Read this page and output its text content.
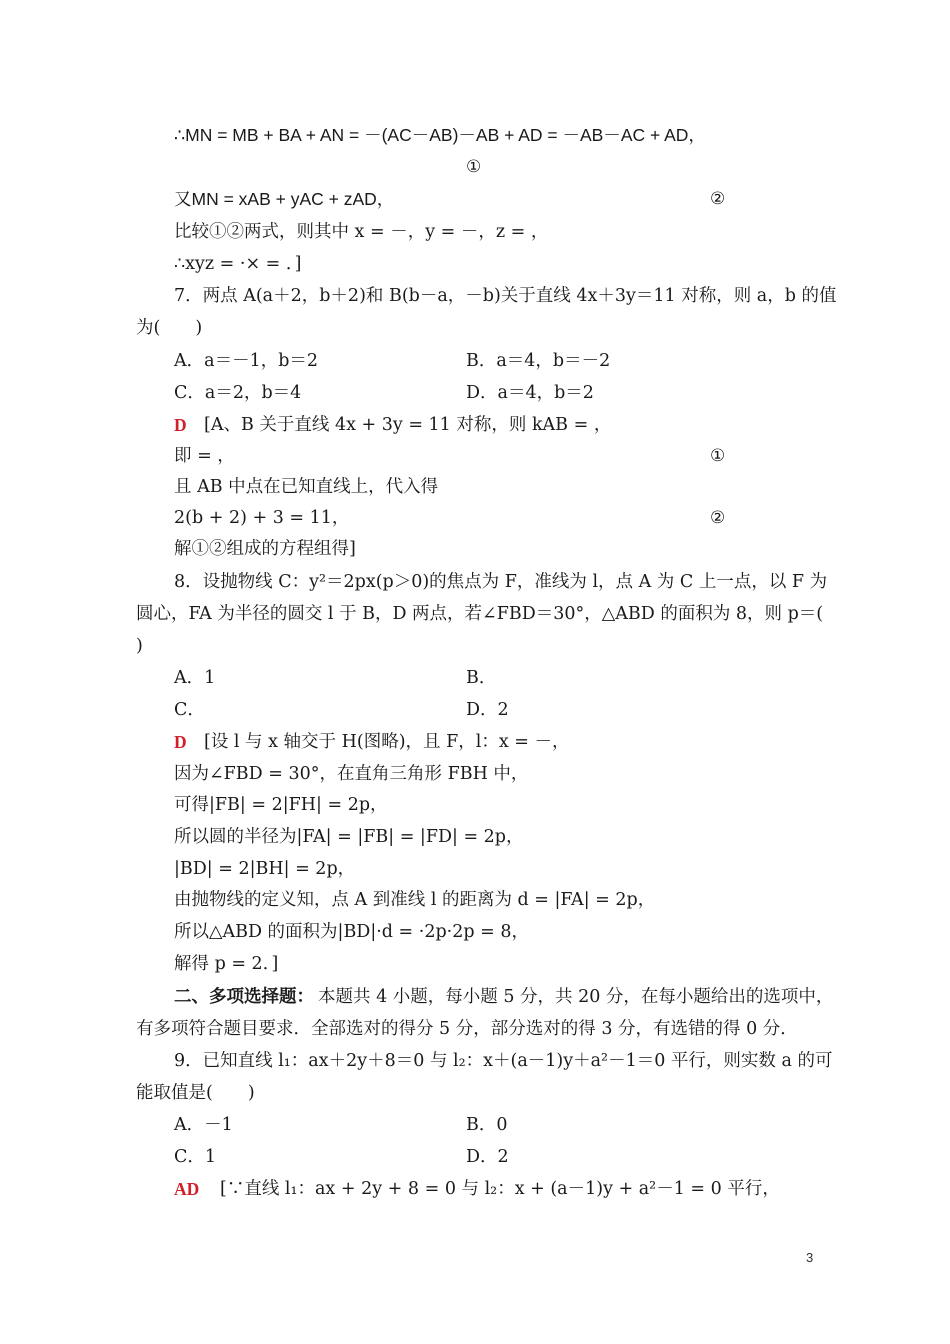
∴MN = MB + BA + AN = －(AC－AB)－AB + AD = －AB－AC + AD，
①
又MN = xAB + yAC + zAD，	②
比较①②两式，则其中 x = －，y = －，z = ，
∴xyz = ·× = ．]
7．两点 A(a＋2，b＋2)和 B(b－a，－b)关于直线 4x＋3y＝11 对称，则 a，b 的值
为(　　)
A．a＝－1，b＝2	B．a＝4，b＝－2
C．a＝2，b＝4	D．a＝4，b＝2
D [A、B 关于直线 4x + 3y = 11 对称，则 kAB = ，
即 = ，	①
且 AB 中点在已知直线上，代入得
2(b + 2) + 3 = 11，	②
解①②组成的方程组得]
8．设抛物线 C：y²＝2px(p＞0)的焦点为 F，准线为 l，点 A 为 C 上一点，以 F 为
圆心，FA 为半径的圆交 l 于 B，D 两点，若∠FBD＝30°，△ABD 的面积为 8，则 p＝(
)
A．1	B．
C．	D．2
D [设 l 与 x 轴交于 H(图略)，且 F，l：x = －，
因为∠FBD = 30°，在直角三角形 FBH 中，
可得|FB| = 2|FH| = 2p，
所以圆的半径为|FA| = |FB| = |FD| = 2p，
|BD| = 2|BH| = 2p，
由抛物线的定义知，点 A 到准线 l 的距离为 d = |FA| = 2p，
所以△ABD 的面积为|BD|·d = ·2p·2p = 8，
解得 p = 2．]
二、多项选择题： 本题共 4 小题，每小题 5 分，共 20 分，在每小题给出的选项中，
有多项符合题目要求．全部选对的得分 5 分，部分选对的得 3 分，有选错的得 0 分．
9．已知直线 l₁：ax＋2y＋8＝0 与 l₂：x＋(a－1)y＋a²－1＝0 平行，则实数 a 的可
能取值是(　　)
A．－1	B．0
C．1	D．2
AD [∵直线 l₁：ax + 2y + 8 = 0 与 l₂：x + (a－1)y + a²－1 = 0 平行，
3
